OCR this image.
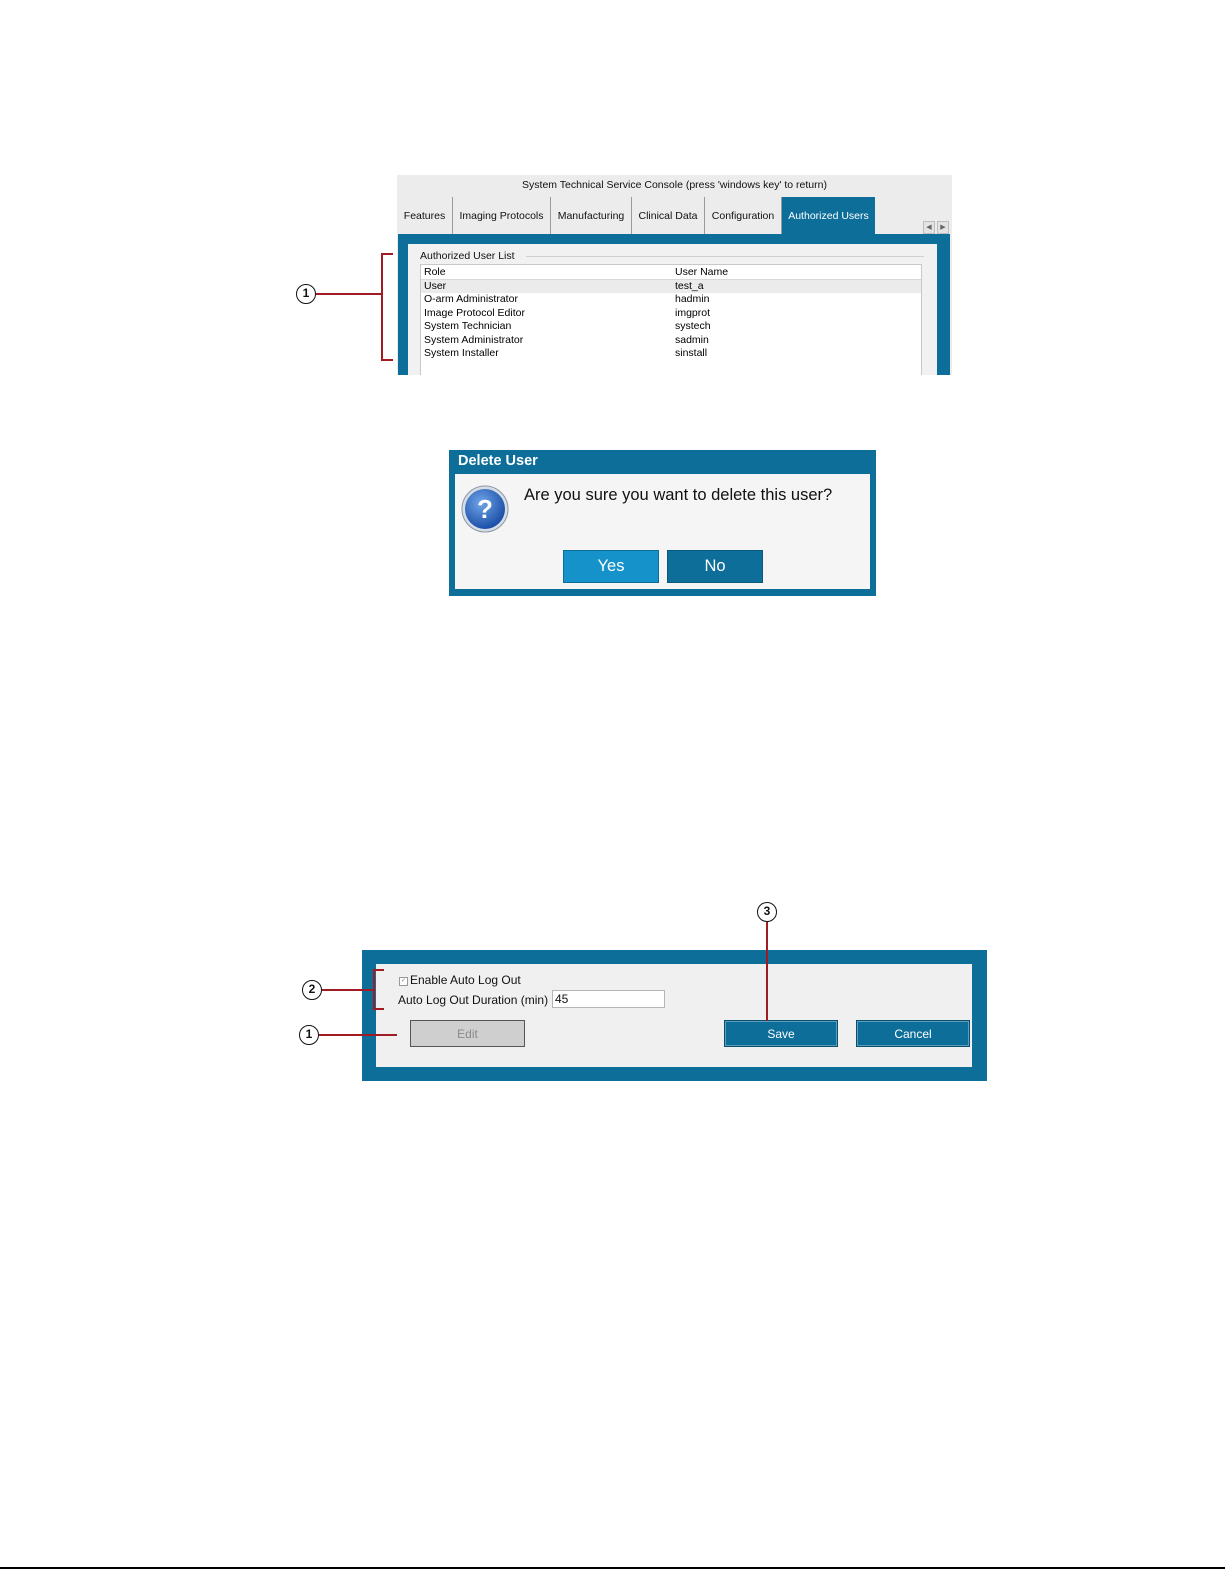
System Technical Service Console (press 'windows key' to return)
Features	Imaging Protocols	Manufacturing	Clinical Data	Configuration	Authorized Users
◀	▶
Authorized User List
Role	User Name
User	test_a
O-arm Administrator	hadmin
Image Protocol Editor	imgprot
System Technician	systech
System Administrator	sadmin
System Installer	sinstall
1
Delete User
? Are you sure you want to delete this user?
Yes	No
✓ Enable Auto Log Out
Auto Log Out Duration (min)
45
Edit	Save	Cancel
3
2
1
